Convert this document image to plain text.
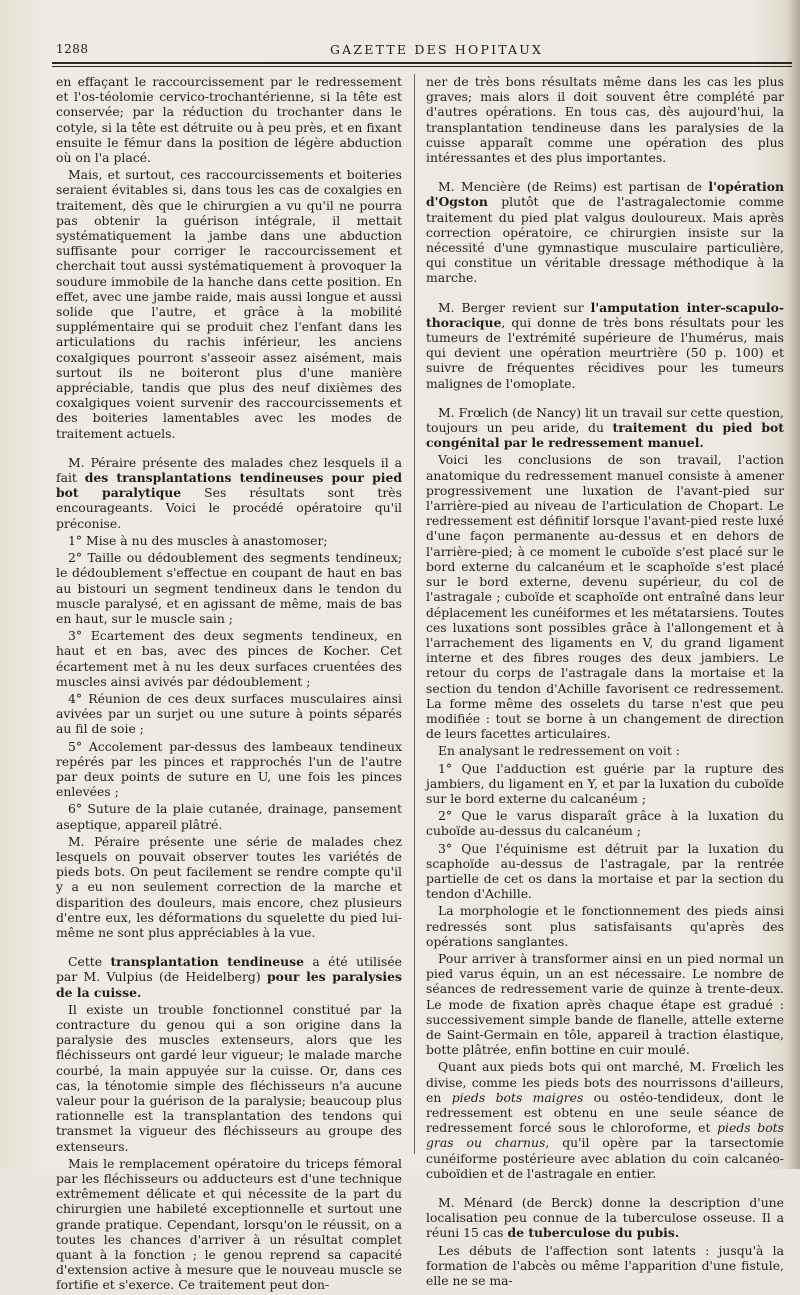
1288	GAZETTE DES HOPITAUX

en effaçant le raccourcissement par le redressement et l'os-téolomie cervico-trochantérienne, si la tête est conservée; par la réduction du trochanter dans le cotyle, si la tête est détruite ou à peu près, et en fixant ensuite le fémur dans la position de légère abduction où on l'a placé.

Mais, et surtout, ces raccourcissements et boiteries seraient évitables si, dans tous les cas de coxalgies en traitement, dès que le chirurgien a vu qu'il ne pourra pas obtenir la guérison intégrale, il mettait systématiquement la jambe dans une abduction suffisante pour corriger le raccourcissement et cherchait tout aussi systématiquement à provoquer la soudure immobile de la hanche dans cette position. En effet, avec une jambe raide, mais aussi longue et aussi solide que l'autre, et grâce à la mobilité supplémentaire qui se produit chez l'enfant dans les articulations du rachis inférieur, les anciens coxalgiques pourront s'asseoir assez aisément, mais surtout ils ne boiteront plus d'une manière appréciable, tandis que plus des neuf dixièmes des coxalgiques voient survenir des raccourcissements et des boiteries lamentables avec les modes de traitement actuels.

M. Péraire présente des malades chez lesquels il a fait des transplantations tendineuses pour pied bot paralytique Ses résultats sont très encourageants. Voici le procédé opératoire qu'il préconise.

1° Mise à nu des muscles à anastomoser;

2° Taille ou dédoublement des segments tendineux; le dédoublement s'effectue en coupant de haut en bas au bistouri un segment tendineux dans le tendon du muscle paralysé, et en agissant de même, mais de bas en haut, sur le muscle sain ;

3° Ecartement des deux segments tendineux, en haut et en bas, avec des pinces de Kocher. Cet écartement met à nu les deux surfaces cruentées des muscles ainsi avivés par dédoublement ;

4° Réunion de ces deux surfaces musculaires ainsi avivées par un surjet ou une suture à points séparés au fil de soie ;

5° Accolement par-dessus des lambeaux tendineux repérés par les pinces et rapprochés l'un de l'autre par deux points de suture en U, une fois les pinces enlevées ;

6° Suture de la plaie cutanée, drainage, pansement aseptique, appareil plâtré.

M. Péraire présente une série de malades chez lesquels on pouvait observer toutes les variétés de pieds bots. On peut facilement se rendre compte qu'il y a eu non seulement correction de la marche et disparition des douleurs, mais encore, chez plusieurs d'entre eux, les déformations du squelette du pied lui-même ne sont plus appréciables à la vue.

Cette transplantation tendineuse a été utilisée par M. Vulpius (de Heidelberg) pour les paralysies de la cuisse.

Il existe un trouble fonctionnel constitué par la contracture du genou qui a son origine dans la paralysie des muscles extenseurs, alors que les fléchisseurs ont gardé leur vigueur; le malade marche courbé, la main appuyée sur la cuisse. Or, dans ces cas, la ténotomie simple des fléchisseurs n'a aucune valeur pour la guérison de la paralysie; beaucoup plus rationnelle est la transplantation des tendons qui transmet la vigueur des fléchisseurs au groupe des extenseurs.

Mais le remplacement opératoire du triceps fémoral par les fléchisseurs ou adducteurs est d'une technique extrêmement délicate et qui nécessite de la part du chirurgien une habileté exceptionnelle et surtout une grande pratique. Cependant, lorsqu'on le réussit, on a toutes les chances d'arriver à un résultat complet quant à la fonction ; le genou reprend sa capacité d'extension active à mesure que le nouveau muscle se fortifie et s'exerce. Ce traitement peut don-

ner de très bons résultats même dans les cas les plus graves; mais alors il doit souvent être complété par d'autres opérations. En tous cas, dès aujourd'hui, la transplantation tendineuse dans les paralysies de la cuisse apparaît comme une opération des plus intéressantes et des plus importantes.

M. Mencière (de Reims) est partisan de l'opération d'Ogston plutôt que de l'astragalectomie comme traitement du pied plat valgus douloureux. Mais après correction opératoire, ce chirurgien insiste sur la nécessité d'une gymnastique musculaire particulière, qui constitue un véritable dressage méthodique à la marche.

M. Berger revient sur l'amputation inter-scapulo-thoracique, qui donne de très bons résultats pour les tumeurs de l'extrémité supérieure de l'humérus, mais qui devient une opération meurtrière (50 p. 100) et suivre de fréquentes récidives pour les tumeurs malignes de l'omoplate.

M. Frœlich (de Nancy) lit un travail sur cette question, toujours un peu aride, du traitement du pied bot congénital par le redressement manuel.

Voici les conclusions de son travail, l'action anatomique du redressement manuel consiste à amener progressivement une luxation de l'avant-pied sur l'arrière-pied au niveau de l'articulation de Chopart. Le redressement est définitif lorsque l'avant-pied reste luxé d'une façon permanente au-dessus et en dehors de l'arrière-pied; à ce moment le cuboïde s'est placé sur le bord externe du calcanéum et le scaphoïde s'est placé sur le bord externe, devenu supérieur, du col de l'astragale ; cuboïde et scaphoïde ont entraîné dans leur déplacement les cunéiformes et les métatarsiens. Toutes ces luxations sont possibles grâce à l'allongement et à l'arrachement des ligaments en V, du grand ligament interne et des fibres rouges des deux jambiers. Le retour du corps de l'astragale dans la mortaise et la section du tendon d'Achille favorisent ce redressement. La forme même des osselets du tarse n'est que peu modifiée : tout se borne à un changement de direction de leurs facettes articulaires.

En analysant le redressement on voit :

1° Que l'adduction est guérie par la rupture des jambiers, du ligament en Y, et par la luxation du cuboïde sur le bord externe du calcanéum ;

2° Que le varus disparaît grâce à la luxation du cuboïde au-dessus du calcanéum ;

3° Que l'équinisme est détruit par la luxation du scaphoïde au-dessus de l'astragale, par la rentrée partielle de cet os dans la mortaise et par la section du tendon d'Achille.

La morphologie et le fonctionnement des pieds ainsi redressés sont plus satisfaisants qu'après des opérations sanglantes.

Pour arriver à transformer ainsi en un pied normal un pied varus équin, un an est nécessaire. Le nombre de séances de redressement varie de quinze à trente-deux. Le mode de fixation après chaque étape est gradué : successivement simple bande de flanelle, attelle externe de Saint-Germain en tôle, appareil à traction élastique, botte plâtrée, enfin bottine en cuir moulé.

Quant aux pieds bots qui ont marché, M. Frœlich les divise, comme les pieds bots des nourrissons d'ailleurs, en pieds bots maigres ou ostéo-tendideux, dont le redressement est obtenu en une seule séance de redressement forcé sous le chloroforme, et pieds bots gras ou charnus, qu'il opère par la tarsectomie cunéiforme postérieure avec ablation du coin calcanéo-cuboïdien et de l'astragale en entier.

M. Ménard (de Berck) donne la description d'une localisation peu connue de la tuberculose osseuse. Il a réuni 15 cas de tuberculose du pubis.

Les débuts de l'affection sont latents : jusqu'à la formation de l'abcès ou même l'apparition d'une fistule, elle ne se ma-
